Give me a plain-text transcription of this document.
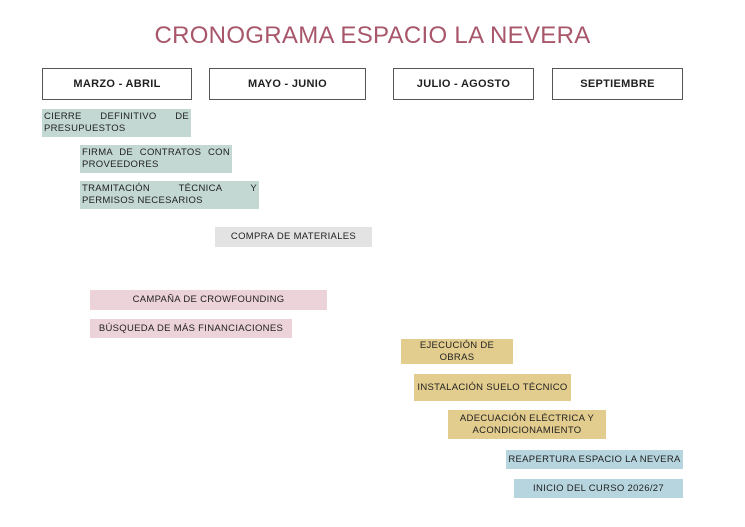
CRONOGRAMA ESPACIO LA NEVERA
MARZO - ABRIL	MAYO - JUNIO	JULIO - AGOSTO	SEPTIEMBRE
CIERRE DEFINITIVO DE PRESUPUESTOS
FIRMA DE CONTRATOS CON PROVEEDORES
TRAMITACIÓN TÉCNICA Y PERMISOS NECESARIOS
COMPRA DE MATERIALES
CAMPAÑA DE CROWFOUNDING
BÚSQUEDA DE MÁS FINANCIACIONES
EJECUCIÓN DE OBRAS
INSTALACIÓN SUELO TÉCNICO
ADECUACIÓN ELÉCTRICA Y ACONDICIONAMIENTO
REAPERTURA ESPACIO LA NEVERA
INICIO DEL CURSO 2026/27
